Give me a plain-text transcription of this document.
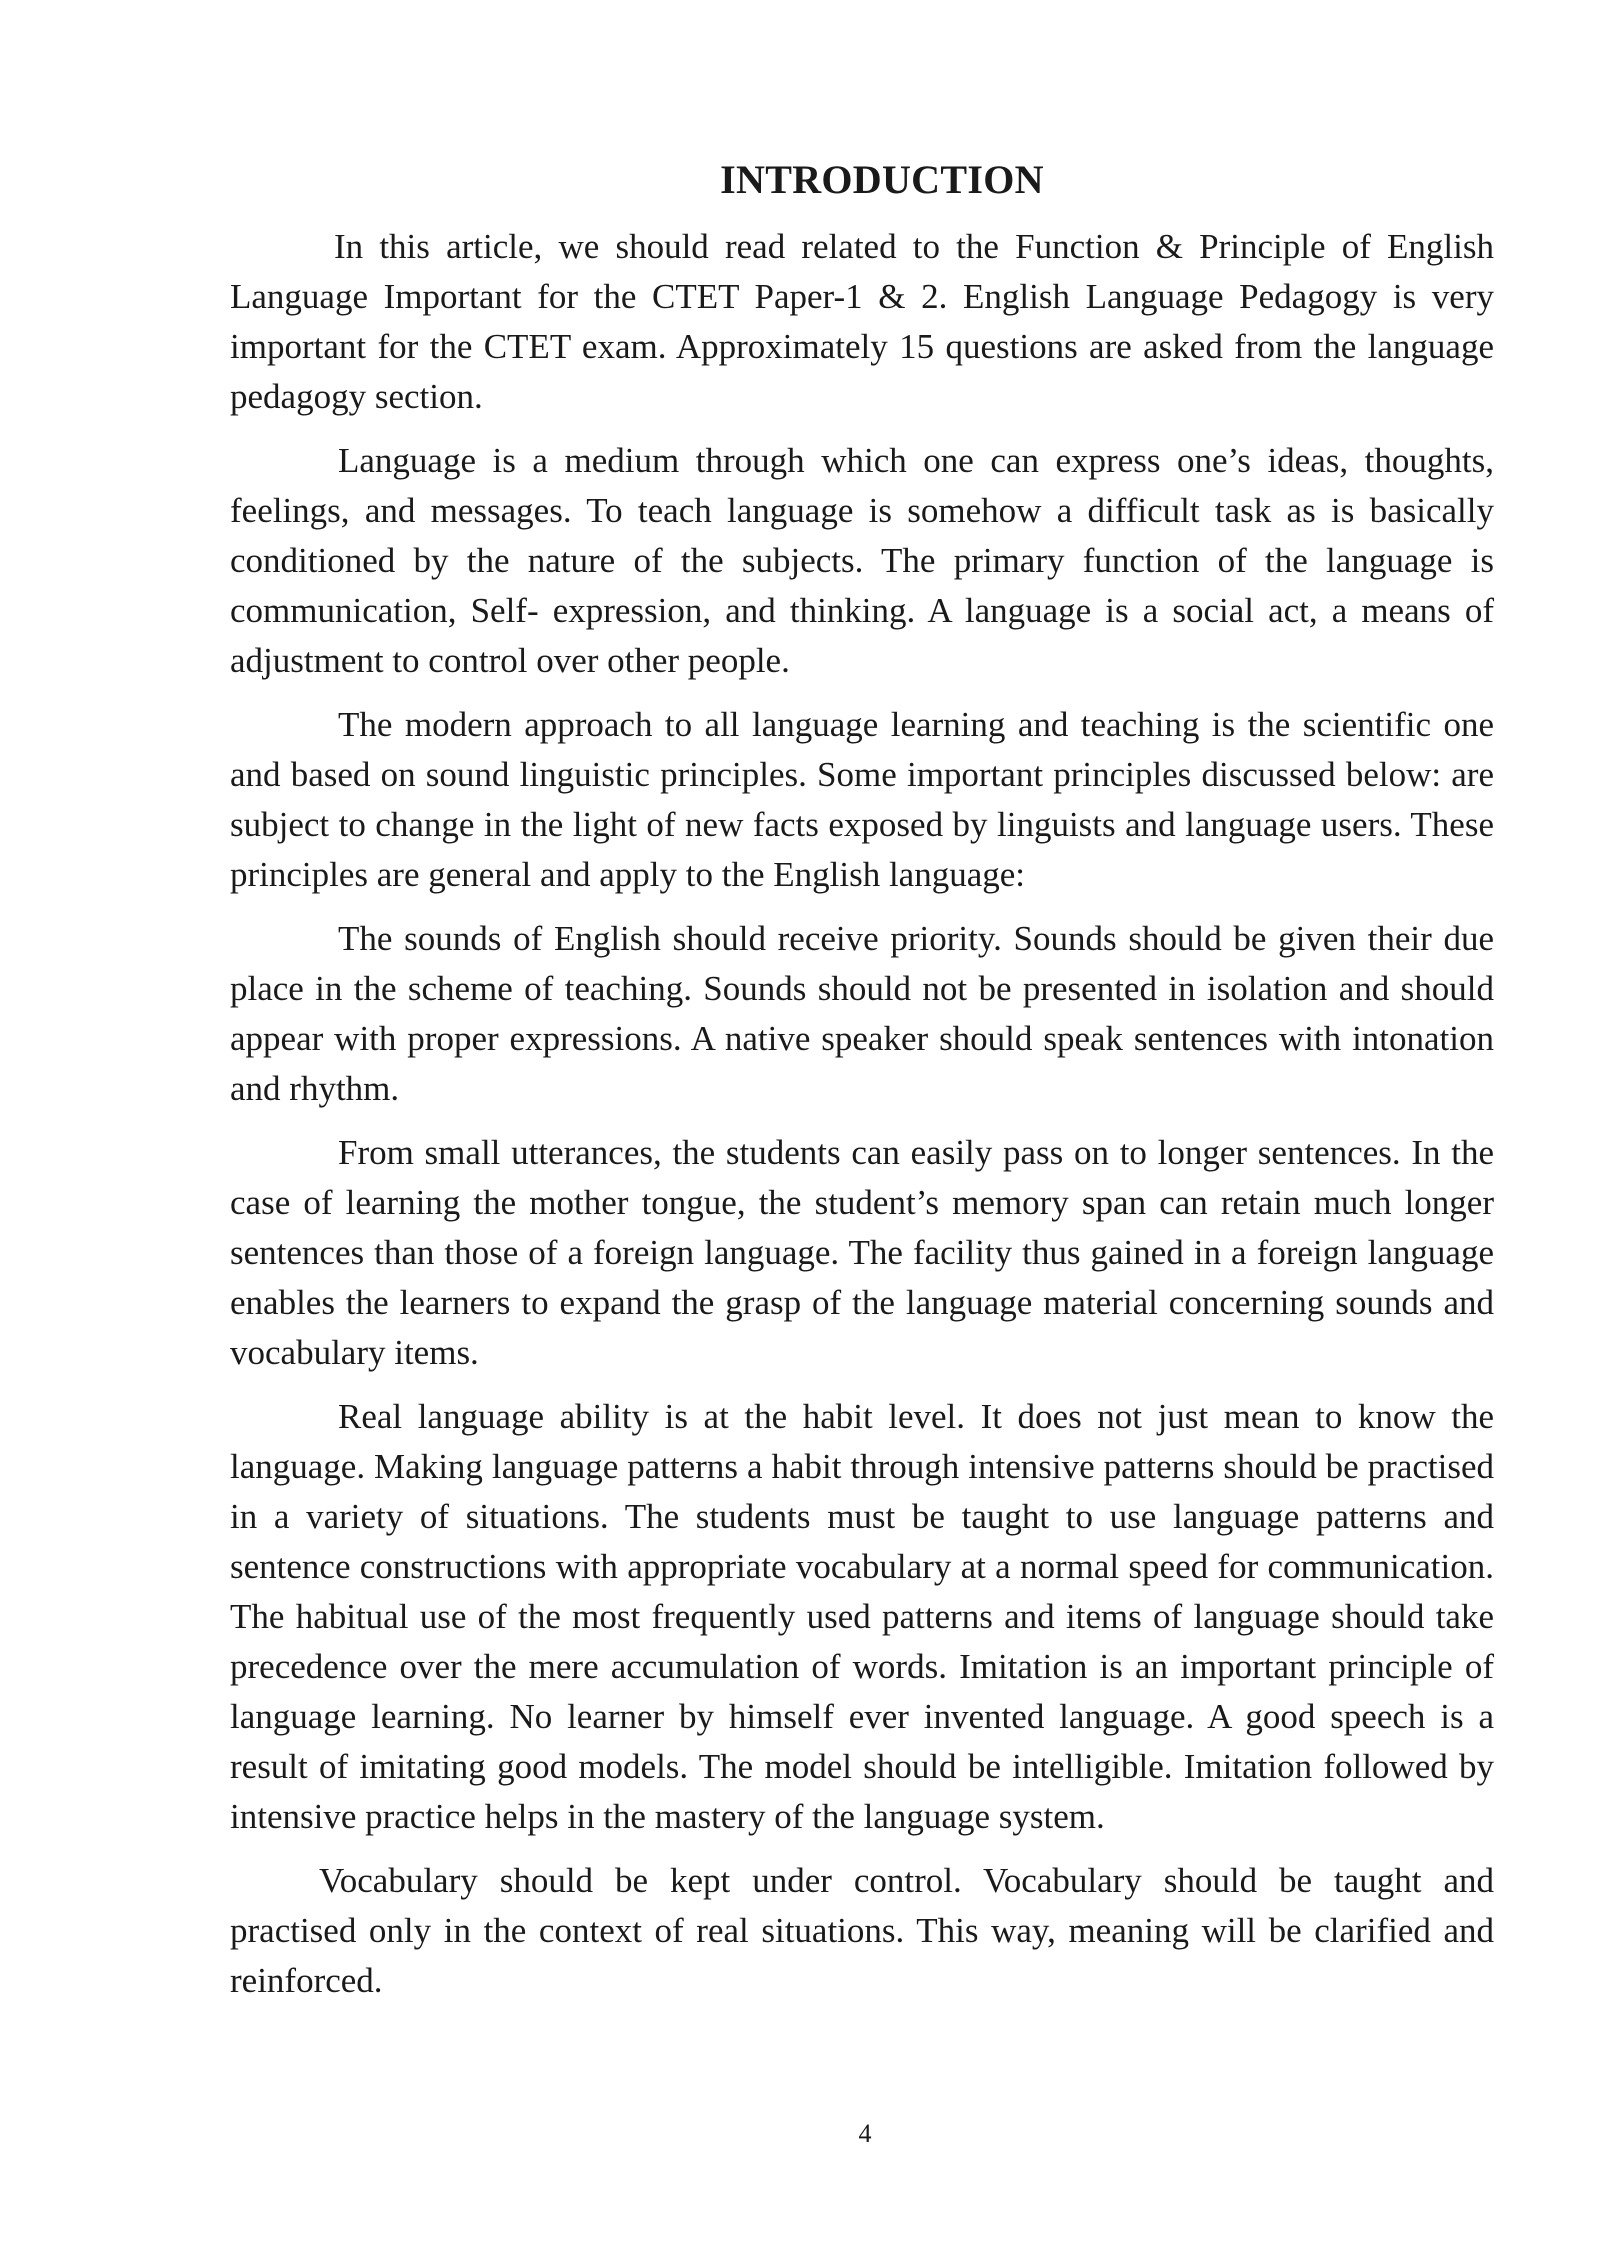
INTRODUCTION

In this article, we should read related to the Function & Principle of English Language Important for the CTET Paper-1 & 2. English Language Pedagogy is very important for the CTET exam. Approximately 15 questions are asked from the language pedagogy section.

Language is a medium through which one can express one’s ideas, thoughts, feelings, and messages. To teach language is somehow a difficult task as is basically conditioned by the nature of the subjects. The primary function of the language is communication, Self- expression, and thinking. A language is a social act, a means of adjustment to control over other people.

The modern approach to all language learning and teaching is the scientific one and based on sound linguistic principles. Some important principles discussed below: are subject to change in the light of new facts exposed by linguists and language users. These principles are general and apply to the English language:

The sounds of English should receive priority. Sounds should be given their due place in the scheme of teaching. Sounds should not be presented in isolation and should appear with proper expressions. A native speaker should speak sentences with intonation and rhythm.

From small utterances, the students can easily pass on to longer sentences. In the case of learning the mother tongue, the student’s memory span can retain much longer sentences than those of a foreign language. The facility thus gained in a foreign language enables the learners to expand the grasp of the language material concerning sounds and vocabulary items.

Real language ability is at the habit level. It does not just mean to know the language. Making language patterns a habit through intensive patterns should be practised in a variety of situations. The students must be taught to use language patterns and sentence constructions with appropriate vocabulary at a normal speed for communication. The habitual use of the most frequently used patterns and items of language should take precedence over the mere accumulation of words. Imitation is an important principle of language learning. No learner by himself ever invented language. A good speech is a result of imitating good models. The model should be intelligible. Imitation followed by intensive practice helps in the mastery of the language system.

Vocabulary should be kept under control. Vocabulary should be taught and practised only in the context of real situations. This way, meaning will be clarified and reinforced.

4
